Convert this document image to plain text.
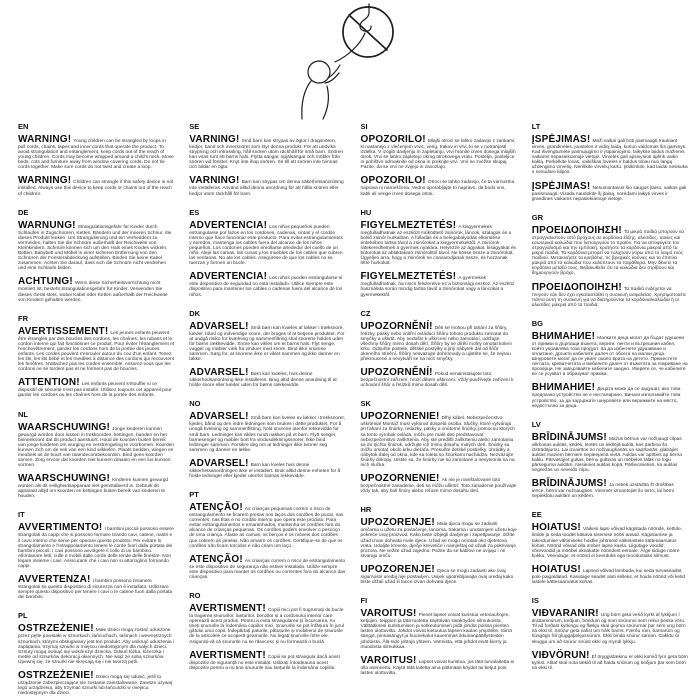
EN

WARNING! Young children can be strangled by loops in pull cords, chains, tapes and inner cords that operate the product. To avoid strangulation and entanglement, keep cords out of the reach of young children. Cords may become wrapped around a child's neck. Move beds, cots and furniture away from window covering cords. Do not tie cords together. Make sure cords do not twist and create a loop.

WARNING! Children can strangle if this safety device is not installed. Always use this device to keep cords or chains out of the reach of children.

DE

WARNUNG! Strangulationsgefahr für Kinder durch Schlaufen in Zugschnüren, Ketten, Bändern und der inneren Schnur, die dieses Produkt lenken. Um Strangulierung und ein Verheddern zu vermeiden, halten Sie die Schnüre außerhalb der Reichweite von Kleinkindern. Schnüre können sich um den Hals eines Kindes wickeln. Betten, Babybett und Möbel in einer sicheren Entfernung von den Schnüren der Fensterabdeckung aufstellen. Binden Sie keine Kabel zusammen. Achten Sie darauf, dass sich die Schnüre nicht verdrehen und eine Schlaufe bilden.

ACHTUNG! Wenn diese Sicherheitsvorrichtung nicht montiert ist, besteht Strangulationsgefahr für Kinder. Verwenden Sie dieses Gerät stets, wobei Kabel oder Ketten außerhalb der Reichweite von Kindern gehalten werden.

FR

AVERTISSEMENT! Les jeunes enfants peuvent être étranglés par des boucles des cordons, les chaînes, les rubans et le cordon interne qui fait fonctionner ce produit. Pour éviter l'étranglement et l'enchevêtrement, gardez les cordons hors de la portée des jeunes enfants. Les cordes peuvent s'enrouler autour du cou d'un enfant. Tenez les lits, les lits bébé et les meubles à distance des cordons qui recouvrent les fenêtres. N'attachez pas les cordes ensemble. Assurez-vous que les cordons ne se tordent pas et ne forment pas de boucles.

ATTENTION! Les enfants peuvent s'étouffer si ce dispositif de sécurité n'est pas installé. Utilisez toujours cet appareil pour garder les cordons ou les chaînes hors de la portée des enfants.

NL

WAARSCHUWING! Jonge kinderen kunnen gewurgd worden door lussen in trekkoorden, kettingen, banden en het binnenkoord dat dit product aanstuurt. Houd de koorden buiten bereik van jonge kinderen om wurging en verstrengeling te voorkomen. Koorden kunnen zich om de nek van een kind wikkelen. Plaats bedden, wiegen en meubels uit de buurt van raamdecoratiekoorden. Bind geen koorden samen. Zorg ervoor dat koorden niet kunnen draaien en een lus kunnen vormen.

WAARSCHUWING! Kinderen kunnen gewurgd worden als dit veiligheidsapparaat niet geïnstalleerd is. Gebruik dit apparaat altijd om koorden en kettingen buiten bereik van kinderen te houden.

IT

AVVERTIMENTO! I bambini piccoli possono essere strangolati da cappi che si possono formare tirando cavi, catene, nastri e il cavo interno che serve per operare questo prodotto. Per evitare lo strangolamento e l'intrappolamento tenere le corde fuori dalla portata dei bambini piccoli. I cavi possono avvolgere il collo di un bambino. Allontanare letti, culle e mobili dalle corde delle tende delle finestre. Non legare insieme i cavi. Assicurarsi che i cavi non si attorciglino formando cappi.

AVVERTENZA! I bambini possono rimanere strangolati se questo dispositivo di sicurezza non è installato. Utilizzare sempre questo dispositivo per tenere i cavi o le catene fuori dalla portata dei bambini.

PL

OSTRZEŻENIE! Małe dzieci mogą zostać uduszone przez pętle powstałe w sznurkach, łańcuchach, taśmach i wewnętrznych sznurkach, którymi obsługiwany jest ten produkt. Aby uniknąć uduszenia i zaplątania, trzymaj sznurki w miejscu niedostępnym dla małych dzieci. Sznury mogą owinąć się wokół szyi dziecka. Odsuń łóżka, łóżeczka i meble od sznurków dekoracji okiennych. Nie wiąż ze sobą sznurków. Upewnij się, że sznurki nie skręcają się i nie tworzą pętli.

OSTRZEŻENIE! Dzieci mogą się udusić, jeśli to urządzenie zabezpieczające nie zostanie zainstalowane. Zawsze używaj tego urządzenia, aby trzymać sznurki lub łańcuszki w miejscu niedostępnym dla dzieci.

SE

VARNING! Små barn kan strypas av öglor i dragsnören, kedjor, band och innersnöret som styr denna produkt. För att undvika strypning och intrassling, håll snören utom räckhåll för små barn. Snören kan viras runt ett barns hals. Flytta sängar, spjälsängar och möbler från snören vid fönster. Knyt inte ihop snören. Se till att snören inte tvinnas och bildar en ögla.

VARNING! Barn kan strypas om denna säkerhetsanordning inte installeras. Använd alltid denna anordning för att hålla snören eller kedjor utom räckhåll för barn.

ES

ADVERTENCIA! Los niños pequeños pueden estrangularse por lazos en los cordones, cadenas, cintas y el cordón interno que hace funcionar este producto. Para evitar estrangulamientos y enredos, mantenga los cables fuera del alcance de los niños pequeños. Los cordones pueden enrollarse alrededor del cuello de un niño. Aleje las camas, las cunas y los muebles de los cables que cubren las ventanas. No ate los cables. Asegúrese de que los cables no se tuerzan y formen un bucle.

ADVERTENCIA! Los niños pueden estrangularse si este dispositivo de seguridad no está instalado. Utilice siempre este dispositivo para mantener los cables o cadenas fuera del alcance de los niños.

DK

ADVARSEL! Små børn kan kvæles af løkker i træksnore, kæder, bånd og indvendige snore, der bruges til at betjene produktet. For at undgå risiko for kvælning og sammenfiltring skal snorene holdes uden for børns rækkevidde. Snore kan vikles om et barns hals. Flyt senge, vugger og møbler væk fra vinduer med snore. Bind ikke snorene sammen. Sørg for, at snorene ikke er viklet sammen og ikke danner en løkke.

ADVARSEL! Børn kan kvæles, hvis denne sikkerhedsanordning ikke installeres. Brug altid denne anordning til at holde snore eller kæder uden for børns rækkevidde.

NO

ADVARSEL! Små barn kan kveles av løkker i trekksnorer, kjeder, bånd og den indre ledningen som brukes i dette produktet. For å unngå kvelning og sammenfiltring, hold snorene utenfor rekkevidde for små barn. Ledninger kan vikles rundt nakken på et barn. Flytt senger, barnesenger og møbler bort fra vindusdekningssnorer. Ikke bind ledninger sammen. Forsikre deg om at ledninger ikke tvinner seg sammen og danner en løkke.

ADVARSEL! Barn kan kveles hvis denne sikkerhetsanordningen ikke er installert. Bruk alltid denne enheten for å holde ledninger eller kjeder utenfor barnas rekkevidde.

PT

ATENÇÃO! As crianças pequenas correm o risco de estrangulamento se ficarem presas nos laços dos cordões de puxar, nas correntes, nas fitas e no cordão interno que opera este produto. Para evitar estrangulamentos e emaranhados, mantenha os cordões fora do alcance de crianças pequenas. Os cordões podem envolver o pescoço de uma criança. Afaste as camas, os berços e os móveis dos cordões que cobrem as janelas. Não amarre os cordões. Certifique-se de que os cordões não ficam torcidos e não criam um laço.

ATENÇÃO! As crianças correm o risco de estrangulamento se este dispositivo de segurança não estiver instalado. Utilize sempre este dispositivo para manter os cordões ou correntes fora do alcance das crianças.

RO

AVERTISMENT! Copiii mici pot fi sugrumați de bucle la tragerea șnururilor, lanțurilor, benzilor și a cordonului interior care operează acest produs. Pentru a evita strangularea și încurcarea, nu țineți șnururile la îndemâna copiilor mici. Șnururile se pot înfășura în jurul gâtului unui copil. Îndepărtați paturile, pătuțurile și mobilierul de șnururile de la articolele ce acoperă geamurile. Nu legați șnururile între ele. Asigurați-vă că șnururile nu se răsucesc și nu formează o buclă.

AVERTISMENT! Copiii se pot strangula dacă acest dispozitiv de siguranță nu este instalat. Utilizați întotdeauna acest dispozitiv pentru a nu ține șnururile sau lanțurile la îndemâna copiilor.

SI

OPOZORILO! Mlajši otroci se lahko zadavijo z zankami, ki nastanejo z vlečenjem vrvic, verig, trakov in vrvi, ki se v notranjosti izdelka. V izogib davljenju in zapletanju, vrvi hranite izven dosega mlajših otrok. Vrvi se lahko zapletejo okrog otrokovega vratu. Postelje, posteljice in pohištvo odmaknite od okna in prekrijte vrvi. Vrvi ne zvežite skupaj. Pazite, da se vrvi ne zvijejo in zavozlajo.

OPOZORILO! Otroci se lahko zadavijo, če ta varnostna naprava ni nameščena. Vedno uporabljajte to napravo, da bodo vrvi, kabli ali verige izven dosega otrok.

HU

FIGYELMEZTETÉS! A kisgyermekek megfulladhatnak az eszközt működtető zsinórok, láncok, szalagok és a belső zsinór hurkaiban. A fulladás és a belegabalyodás elkerülése érdekében tartsa távol a zsinórokat a kisgyermekektől. A zsinórok rátekeredhetnek a gyermek nyakára. Helyezze az ágyakat, kiságyakat és bútorokat az ablaktakaró zsinóroktól távol. Ne kösse össze a zsinórokat. Ügyeljen arra, hogy a zsinórok ne csavarodjanak össze, és hozzanak létre hurkokat.

FIGYELMEZTETÉS! A gyermekek megfulladhatnak, ha nincs felszerelve ez a biztonsági eszköz. Az eszköz használata során mindig tartsa távol a zsinórokat vagy a láncokat a gyermekektől.

CZ

UPOZORNĚNÍ! Děti se mohou při tahání za šňůry, řetízky, pásky nebo vnitřní ovládací šňůru tohoto produktu zamotat do smyčky a uškrtit. Aby nedošlo k uškrcení nebo zamotání, udržujte všechny šňůry mimo dosah dětí. Šňůry by se dítěti mohly omotat kolem krku. Odsuňte postele, dětské postýlky a jiný nábytek dál od šňůr okenního stínění. Šňůry nesvazujte dohromady a ujistěte se, že nejsou překroucené a nevytváří se na nich smyčky.

UPOZORNĚNÍ! Pokud nenainstalujete toto bezpečnostní zařízení, hrozí dětem uškrcení. Vždy používejte zařízení k uchování šňůr a řetízků mimo dosah dětí.

SK

UPOZORNENIE! Dlhý kábel. Nebezpečenstvo uškrtenia! Montáž musí vykonať dospelá osoba. Slučky, ktoré vytvárajú pri ťahaní za šnúrky, retiazky, pásky a vnútorné šnúrky, pomocou ktorých sa tento výrobok ovláda, môžu pre malé deti predstavovať nebezpečenstvo zaškrtenia. Aby ste predišli zaškrteniu alebo zamotaniu sa do týchto šnúrok, udržujte ich mimo dosahu malých detí. Šnúrky sa môžu omotať okolo krku dieťaťa. Presuňte detské postieľky, ohrádky a nábytok ďalej od okna, kde sa roleta so šnúrkami nachádza. Nezväzujte šnúrky dokopy. Uistite sa, že šnúrky nie sú zamotané a nevytvorila sa na nich slučka.

UPOZORNENIE! Ak nie je nainštalované toto bezpečnostné zariadenie, deti sa môžu uškrtiť. Toto zariadenie používajte vždy tak, aby boli šnúry alebo reťaze mimo dosahu detí.

HR

UPOZORENJE! Mala djeca mogu se zadaviti omčama u užetu za povlačenje, lancima, trakama i unutarnjem užetu koje pokreće ovaj proizvod. Kako biste izbjegli davljenje i zapetljavanje, držite užad izvan dohvata male djece. Užad se mogu omotati oko djetetova vrata. Udaljite krevete, dječje krevetiće i namještaj od užadi za pokrivanje prozora. Ne vežite užad zajedno. Pazite da se kablovi ne uvijaju i ne stvaraju omču.

UPOZORENJE! Djeca se mogu zadaviti ako ovaj sigurnosni uređaj nije postavljen. Uvijek upotrebljavajte ovaj uređaj kako biste držali užad ili lance izvan dohvata djece.

FI

VAROITUS! Pienet lapset voivat kuristua vetonauhojen, ketjujen, teippien ja tätä tuotetta käyttävän sisäköyden silmukoista. Välttääksesi kuristumisen ja sotkeutumisen pidä johdot poissa pienten lasten ulottuvilta. Johdot voivat kietoutua lapsen kaulan ympärille. Siirrä sängyt, pinnasängyt ja huonekalut kauemmas ikkunanpäällysteiden johdoista. Älä sido johtoja yhteen. Varmista, että johdot eivät kierry ja muodosta silmukkaa.

VAROITUS! Lapset voivat kuristua, jos tätä turvalaitetta ei olla asennettu. Käytä tätä laitetta aina pitämään köydet tai ketjut pois lasten ulottuvilta.

LT

ĮSPĖJIMAS! Maži vaikai gali būti pasmaugti traukiant virves, grandinėles, juosteles ir vidinį laidą, kuriuo valdomas šis gaminys. Kad išvengtumėte pasmaugimo ir įsipainiojimo, laikykite laidus mažiems vaikams nepasiekiamoje vietoje. Virvelės gali apsivynioti aplink vaiko kaklą. Perkelkite lovas, vaikiškas loveles ir baldus toliau nuo langų uždengimo virvelių. Neriškite virvelių kartu. Įsitikinkite, kad laidai nesisuka ir nesudaro kilpos.

ĮSPĖJIMAS! Nesumontavus šio saugos įtaiso, vaikas gali pasismaugti. Visada naudokite šį įtaisą, norėdami laikyti virves ir grandines vaikams nepasiekiamoje vietoje.

GR

ΠΡΟΕΙΔΟΠΟΙΗΣΗ! Τα μικρά παιδιά μπορούν να στραγγαλιστούν από βρόχους σε κορδόνια έλξης, αλυσίδες, ταινίες και εσωτερικά καλώδια που λειτουργούν το προϊόν. Για να αποφύγετε τον στραγγαλισμό και την εμπλοκή, κρατήστε τα κορδόνια μακριά από τα μικρά παιδιά. Τα κορδόνια μπορεί να τυλιχτούν γύρω από το λαιμό ενός παιδιού. Μετακινήστε τα κρεβάτια, τις βρεφικές κούνιες και τα έπιπλα μακριά από τα καλώδια που καλύπτουν τα παράθυρα. Μην δένετε τα κορδόνια μεταξύ τους. Βεβαιωθείτε ότι τα καλώδια δεν στρίβουν και δημιουργούν βρόχο.

ΠΡΟΕΙΔΟΠΟΙΗΣΗ! Τα παιδιά ενδέχεται να πνιγούν εάν δεν έχει εγκατασταθεί η συσκευή ασφαλείας. Χρησιμοποιείτε πάντα αυτή τη συσκευή για να διατηρούνται τα κορδόνια/καλώδια ή οι αλυσίδες μακριά από τα παιδιά.

BG

ВНИМАНИЕ! Малките деца могат да бъдат удушени от примки в дърпащи въжета, вериги, ленти и вътрешния кабел, който управлява този продукт. За да избегнете удушаване и оплитане, дръжте кабелите далеч от обсега на малки деца. Шнуровете могат да се увият около врата на детето. Преместете леглата, креватчетата и мебелите далеч от въжетата за покриване на прозорци. Не завързвайте кабелите заедно. Уверете се, че кабелите не се усукват и образуват примка.

ВНИМАНИЕ! Децата може да се задушат, ако това предпазно устройство не е инсталирано. Винаги използвайте това устройство, за да задържате шнуровете или верижките на място, недостъпно за деца.

LV

BRĪDINĀJUMS! Mazus bērnus var nožņaugt cilpas vilkšanas auklās, ķēdēs, lentēs un iekšējā auklā, kas darbina šo izstrādājumu. Lai izvairītos no nožņaugšanās un sapīšanās, glabājiet auklas maziem bērniem nepieejamā vietā. Auklas var aptīties ap bērna kaklu. Pārvietojiet gultas, bērnu gultiņas un mēbeles tālāk no logu pārseguma auklām. Nesieniet auklas kopā. Pārliecinieties, ka auklas negriežas un neveido cilpu.

BRĪDINĀJUMS! Ja netiek uzstādīta šī drošības ierīce, bērni var nožņaugties. Vienmēr izmantojiet šo ierīci, lai bērni nepiekļūtu auklām un ķēdēm.

EE

HOIATUS! Väikesi lapsi võivad kägistada nööride, kettide, lintide ja seda toodet käitava sisemise nööri aasad. Kägistamise ja takerdumise vältimiseks hoidke juhtmeid väikelastele kättesaamatus kohas. Nöörid võivad olla ümber lapse kaela. Liigutage voodid, võrevoodid ja mööbel aknakatte nööridest eemale. Ärge siduge nööre kokku. Veenduge, et nöörid ei keerduks ega moodustaks silmust.

HOIATUS! Lapsed võivad lämbuda, kui seda turvaseadist pole paigaldatud. Kasutage seadet alati selleks, et hoida nöörid või ketid lastele kättesaamatus kohas.

IS

VIÐVARANIR! Ung börn geta verið kyrkt af lykkjum í dráttarsnúrum, keðjum, böndum og innri snúrunni sem rekur þessa vöru. Til að forðast kyrkingu og flækju skal geyma snúrurnar þar sem ung börn ná ekki til. Snúrur geta vafist um háls barns. Færðu rúm, barnarúm og húsgögn frá gluggaþekjusnúrum. Ekki binda snúrur saman. Gakktu úr skugga um að snúrur snúist ekki og myndi lykkju.

VIÐVÖRUN! Ef öryggistækinu er ekki komið fyrir geta börn kyrkst. Alltaf skal nota tækið til að halda snúrum og keðjum þar sem börn ná ekki til.
